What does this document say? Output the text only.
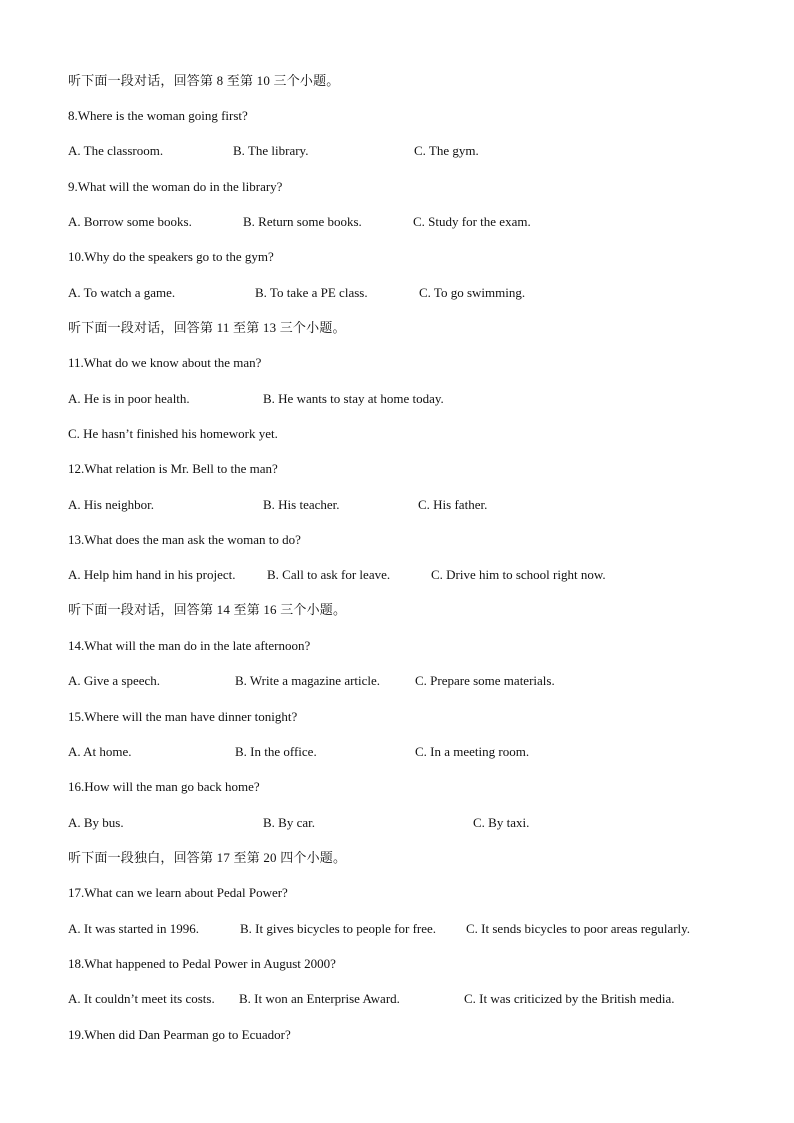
听下面一段对话，回答第 8 至第 10 三个小题。
8.Where is the woman going first?
A. The classroom.	B. The library.	C. The gym.
9.What will the woman do in the library?
A. Borrow some books.	B. Return some books.	C. Study for the exam.
10.Why do the speakers go to the gym?
A. To watch a game.	B. To take a PE class.	C. To go swimming.
听下面一段对话，回答第 11 至第 13 三个小题。
11.What do we know about the man?
A. He is in poor health.	B. He wants to stay at home today.
C. He hasn’t finished his homework yet.
12.What relation is Mr. Bell to the man?
A. His neighbor.	B. His teacher.	C. His father.
13.What does the man ask the woman to do?
A. Help him hand in his project. B. Call to ask for leave.	C. Drive him to school right now.
听下面一段对话，回答第 14 至第 16 三个小题。
14.What will the man do in the late afternoon?
A. Give a speech.	B. Write a magazine article.	C. Prepare some materials.
15.Where will the man have dinner tonight?
A. At home.	B. In the office.	C. In a meeting room.
16.How will the man go back home?
A. By bus.	B. By car.	C. By taxi.
听下面一段独白，回答第 17 至第 20 四个小题。
17.What can we learn about Pedal Power?
A. It was started in 1996.	B. It gives bicycles to people for free. C. It sends bicycles to poor areas regularly.
18.What happened to Pedal Power in August 2000?
A. It couldn’t meet its costs. B. It won an Enterprise Award.	C. It was criticized by the British media.
19.When did Dan Pearman go to Ecuador?
